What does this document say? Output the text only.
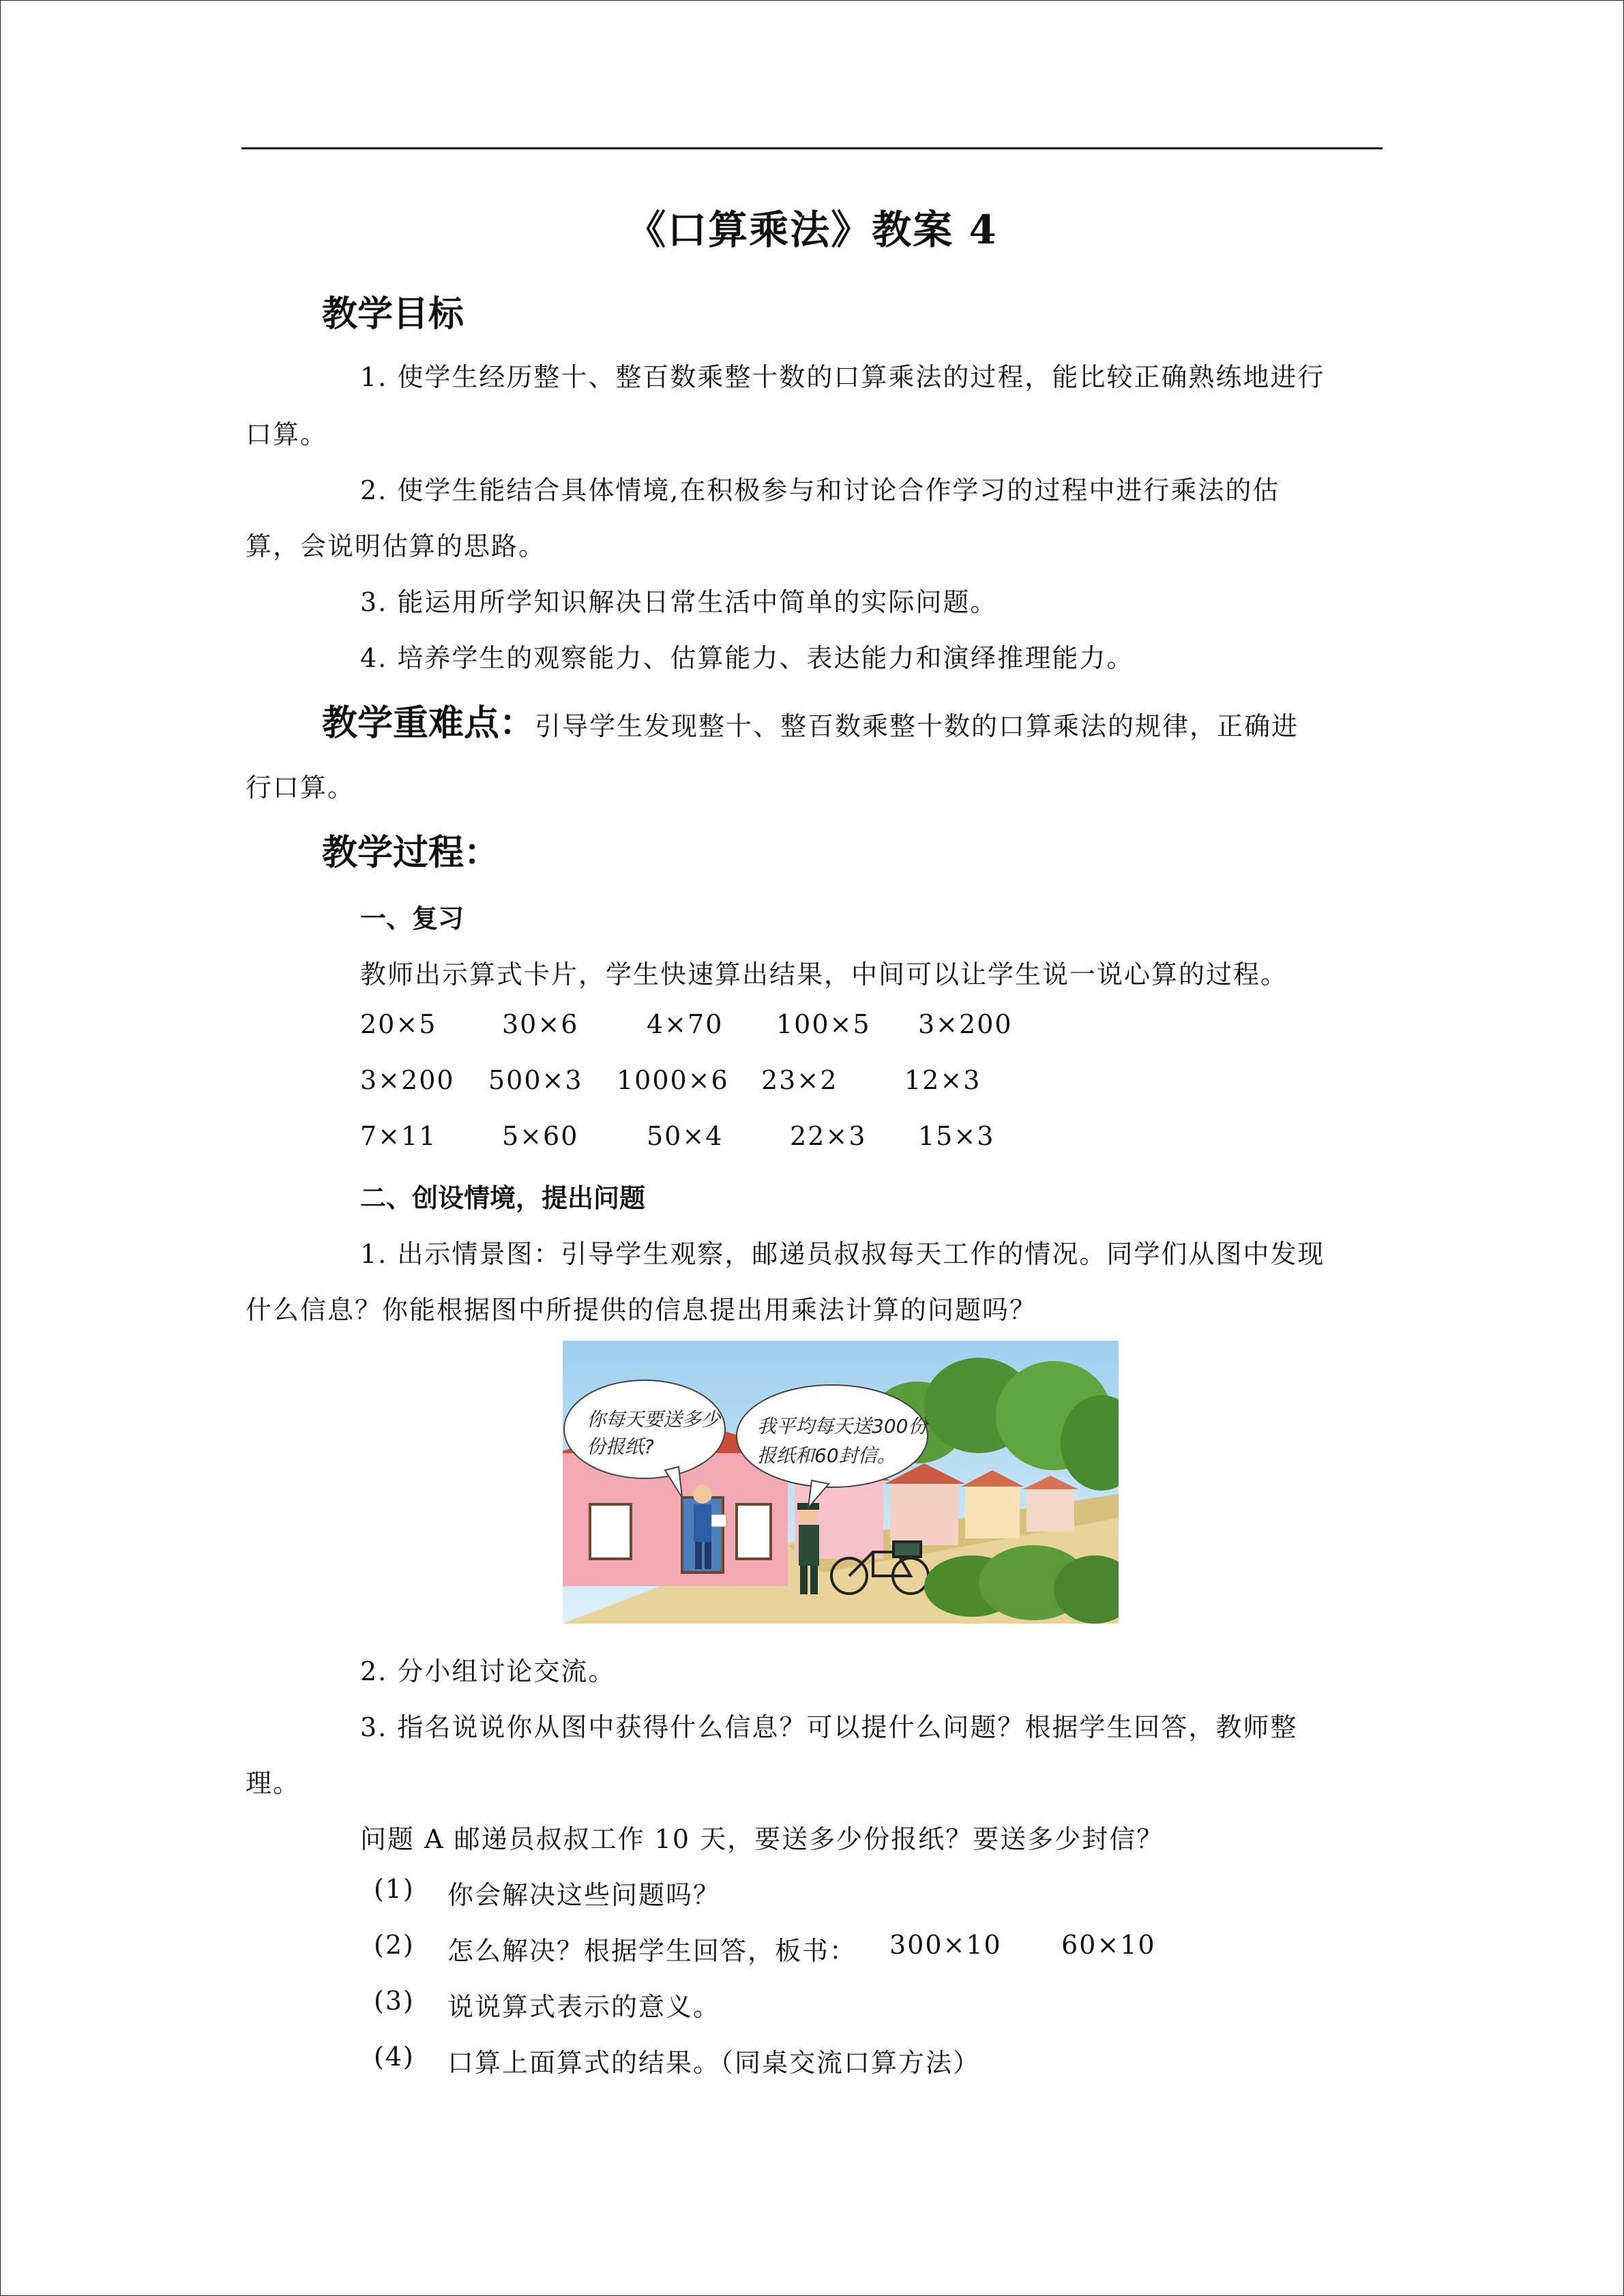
《口算乘法》教案 4
教学目标
1. 使学生经历整十、整百数乘整十数的口算乘法的过程，能比较正确熟练地进行
口算。
2. 使学生能结合具体情境,在积极参与和讨论合作学习的过程中进行乘法的估
算，会说明估算的思路。
3. 能运用所学知识解决日常生活中简单的实际问题。
4. 培养学生的观察能力、估算能力、表达能力和演绎推理能力。
教学重难点：引导学生发现整十、整百数乘整十数的口算乘法的规律，正确进
行口算。
教学过程：
一、复习
教师出示算式卡片，学生快速算出结果，中间可以让学生说一说心算的过程。
20×5	30×6	4×70 100×5 3×200
3×200 500×3 1000×6 23×2	12×3
7×11	5×60	50×4	22×3 15×3
二、创设情境，提出问题
1. 出示情景图：引导学生观察，邮递员叔叔每天工作的情况。同学们从图中发现
什么信息？你能根据图中所提供的信息提出用乘法计算的问题吗？
你每天要送多少
份报纸?
我平均每天送300份
报纸和60封信。
2. 分小组讨论交流。
3. 指名说说你从图中获得什么信息？可以提什么问题？根据学生回答，教师整
理。
问题 A 邮递员叔叔工作 10 天，要送多少份报纸？要送多少封信？
(1) 你会解决这些问题吗？
(2) 怎么解决？根据学生回答，板书： 300×10 60×10
(3) 说说算式表示的意义。
(4) 口算上面算式的结果。（同桌交流口算方法）
